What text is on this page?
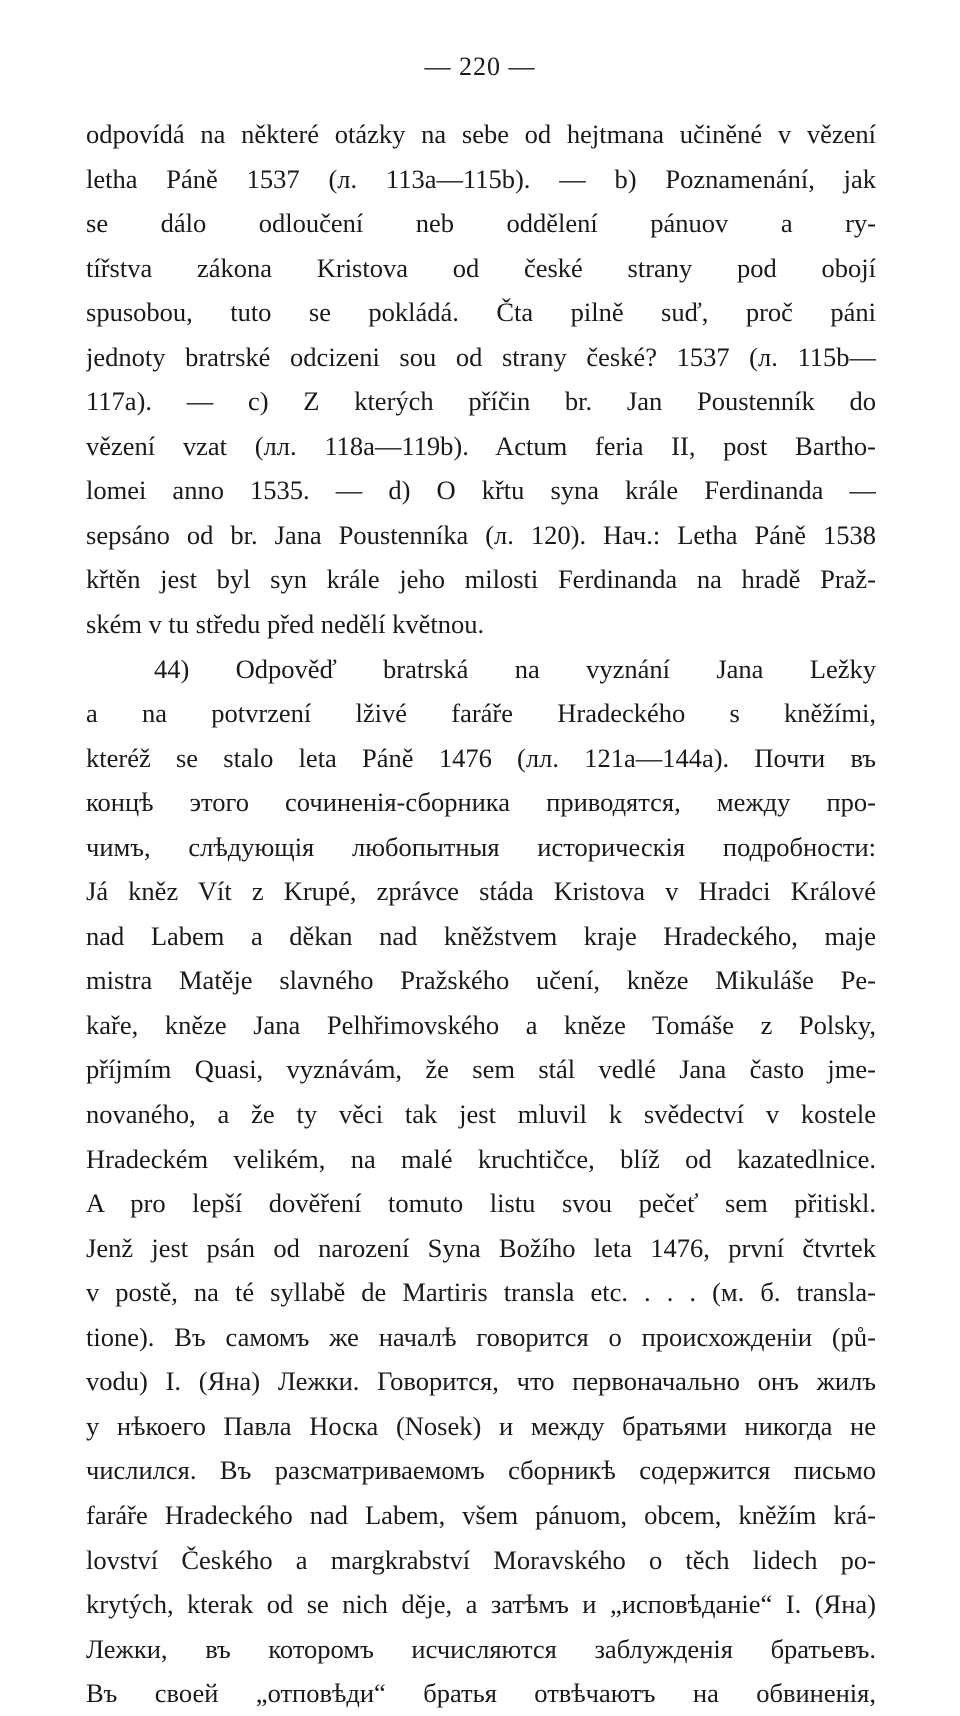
— 220 —
odpovídá na některé otázky na sebe od hejtmana učiněné v vězení
letha Páně 1537 (л. 113a—115b). — b) Poznamenání, jak
se dálo odloučení neb oddělení pánuov a ry-
tířstva zákona Kristova od české strany pod obojí
spusobou, tuto se pokládá. Čta pilně suď, proč páni
jednoty bratrské odcizeni sou od strany české? 1537 (л. 115b—
117a). — c) Z kterých příčin br. Jan Poustenník do
vězení vzat (лл. 118a—119b). Actum feria II, post Barthо-
lomei anno 1535. — d) O křtu syna krále Ferdinanda —
sepsáno od br. Jana Poustenníka (л. 120). Нач.: Letha Páně 1538
křtěn jest byl syn krále jeho milosti Ferdinanda na hradě Praž-
ském v tu středu před nedělí květnou.
44) Odpověď bratrská na vyznání Jana Ležky
a na potvrzení lživé faráře Hradeckého s kněžími,
kteréž se stalo leta Páně 1476 (лл. 121a—144a). Почти въ
концѣ этого сочиненія-сборника приводятся, между про-
чимъ, слѣдующія любопытныя историческія подробности:
Já kněz Vít z Krupé, zprávce stáda Kristova v Hradci Králové
nad Labem a děkan nad kněžstvem kraje Hradeckého, maje
mistra Matěje slavného Pražského učení, kněze Mikuláše Pe-
kaře, kněze Jana Pelhřimovského a kněze Tomáše z Polsky,
příjmím Quasi, vyznávám, že sem stál vedlé Jana často jme-
novaného, a že ty věci tak jest mluvil k svědectví v kostele
Hradeckém velikém, na malé kruchtičce, blíž od kazatedlnice.
A pro lepší dověření tomuto listu svou pečeť sem přitiskl.
Jenž jest psán od narození Syna Božího leta 1476, první čtvrtek
v postě, na té syllabě de Martiris transla etc. . . . (м. б. transla-
tione). Въ самомъ же началѣ говорится о происхожденіи (pů-
vodu) I. (Яна) Лежки. Говорится, что первоначально онъ жилъ
у нѣкоего Павла Носка (Nosek) и между братьями никогда не
числился. Въ разсматриваемомъ сборникѣ содержится письмо
faráře Hradeckého nad Labem, všem pánuom, obcem, kněžím krá-
lovství Českého a margkrabství Moravského o těch lidech po-
krytých, kterak od se nich děje, a затѣмъ и „исповѣданіе“ I. (Яна)
Лежки, въ которомъ исчисляются заблужденія братьевъ.
Въ своей „отповѣди“ братья отвѣчаютъ на обвиненія,
